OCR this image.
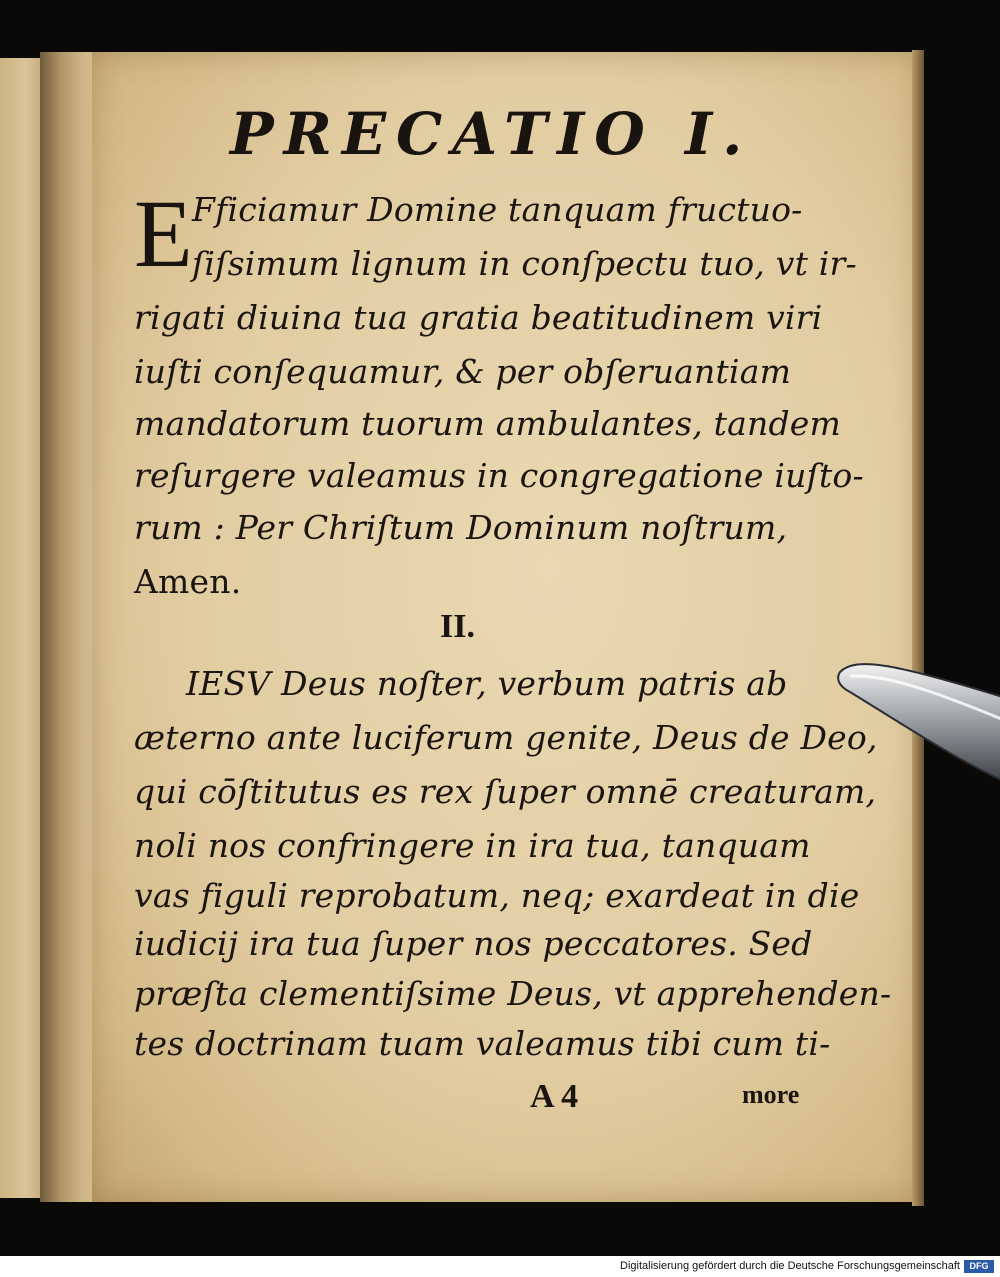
PRECATIO I.
E Fficiamur Domine tanquam fructuo-
ſiſsimum lignum in conſpectu tuo, vt ir-
rigati diuina tua gratia beatitudinem viri
iuſti conſequamur, & per obſeruantiam
mandatorum tuorum ambulantes, tandem
reſurgere valeamus in congregatione iuſto-
rum : Per Chriſtum Dominum noſtrum,
Amen.
II.
IESV Deus noſter, verbum patris ab
æterno ante luciferum genite, Deus de Deo,
qui cōſtitutus es rex ſuper omnē creaturam,
noli nos confringere in ira tua, tanquam
vas figuli reprobatum, neq; exardeat in die
iudicij ira tua ſuper nos peccatores. Sed
præſta clementiſsime Deus, vt apprehenden-
tes doctrinam tuam valeamus tibi cum ti-
A 4	more
Digitalisierung gefördert durch die Deutsche Forschungsgemeinschaft	DFG
